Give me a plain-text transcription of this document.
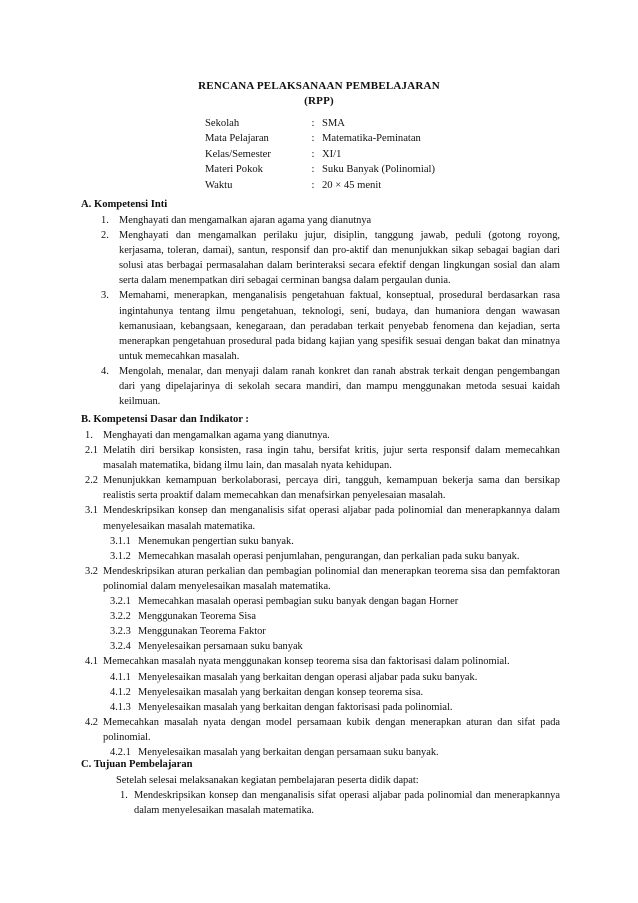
RENCANA PELAKSANAAN PEMBELAJARAN
(RPP)
Sekolah	: SMA
Mata Pelajaran	: Matematika-Peminatan
Kelas/Semester	: XI/1
Materi Pokok	: Suku Banyak (Polinomial)
Waktu	: 20 × 45 menit
A. Kompetensi Inti
1. Menghayati dan mengamalkan ajaran agama yang dianutnya
2. Menghayati dan mengamalkan perilaku jujur, disiplin, tanggung jawab, peduli (gotong royong, kerjasama, toleran, damai), santun, responsif dan pro-aktif dan menunjukkan sikap sebagai bagian dari solusi atas berbagai permasalahan dalam berinteraksi secara efektif dengan lingkungan sosial dan alam serta dalam menempatkan diri sebagai cerminan bangsa dalam pergaulan dunia.
3. Memahami, menerapkan, menganalisis pengetahuan faktual, konseptual, prosedural berdasarkan rasa ingintahunya tentang ilmu pengetahuan, teknologi, seni, budaya, dan humaniora dengan wawasan kemanusiaan, kebangsaan, kenegaraan, dan peradaban terkait penyebab fenomena dan kejadian, serta menerapkan pengetahuan prosedural pada bidang kajian yang spesifik sesuai dengan bakat dan minatnya untuk memecahkan masalah.
4. Mengolah, menalar, dan menyaji dalam ranah konkret dan ranah abstrak terkait dengan pengembangan dari yang dipelajarinya di sekolah secara mandiri, dan mampu menggunakan metoda sesuai kaidah keilmuan.
B. Kompetensi Dasar dan Indikator :
1. Menghayati dan mengamalkan agama yang dianutnya.
2.1 Melatih diri bersikap konsisten, rasa ingin tahu, bersifat kritis, jujur serta responsif dalam memecahkan masalah matematika, bidang ilmu lain, dan masalah nyata kehidupan.
2.2 Menunjukkan kemampuan berkolaborasi, percaya diri, tangguh, kemampuan bekerja sama dan bersikap realistis serta proaktif dalam memecahkan dan menafsirkan penyelesaian masalah.
3.1 Mendeskripsikan konsep dan menganalisis sifat operasi aljabar pada polinomial dan menerapkannya dalam menyelesaikan masalah matematika.
3.1.1 Menemukan pengertian suku banyak.
3.1.2 Memecahkan masalah operasi penjumlahan, pengurangan, dan perkalian pada suku banyak.
3.2 Mendeskripsikan aturan perkalian dan pembagian polinomial dan menerapkan teorema sisa dan pemfaktoran polinomial dalam menyelesaikan masalah matematika.
3.2.1 Memecahkan masalah operasi pembagian suku banyak dengan bagan Horner
3.2.2 Menggunakan Teorema Sisa
3.2.3 Menggunakan Teorema Faktor
3.2.4 Menyelesaikan persamaan suku banyak
4.1 Memecahkan masalah nyata menggunakan konsep teorema sisa dan faktorisasi dalam polinomial.
4.1.1 Menyelesaikan masalah yang berkaitan dengan operasi aljabar pada suku banyak.
4.1.2 Menyelesaikan masalah yang berkaitan dengan konsep teorema sisa.
4.1.3 Menyelesaikan masalah yang berkaitan dengan faktorisasi pada polinomial.
4.2 Memecahkan masalah nyata dengan model persamaan kubik dengan menerapkan aturan dan sifat pada polinomial.
4.2.1 Menyelesaikan masalah yang berkaitan dengan persamaan suku banyak.
C. Tujuan Pembelajaran
Setelah selesai melaksanakan kegiatan pembelajaran peserta didik dapat:
1. Mendeskripsikan konsep dan menganalisis sifat operasi aljabar pada polinomial dan menerapkannya dalam menyelesaikan masalah matematika.
